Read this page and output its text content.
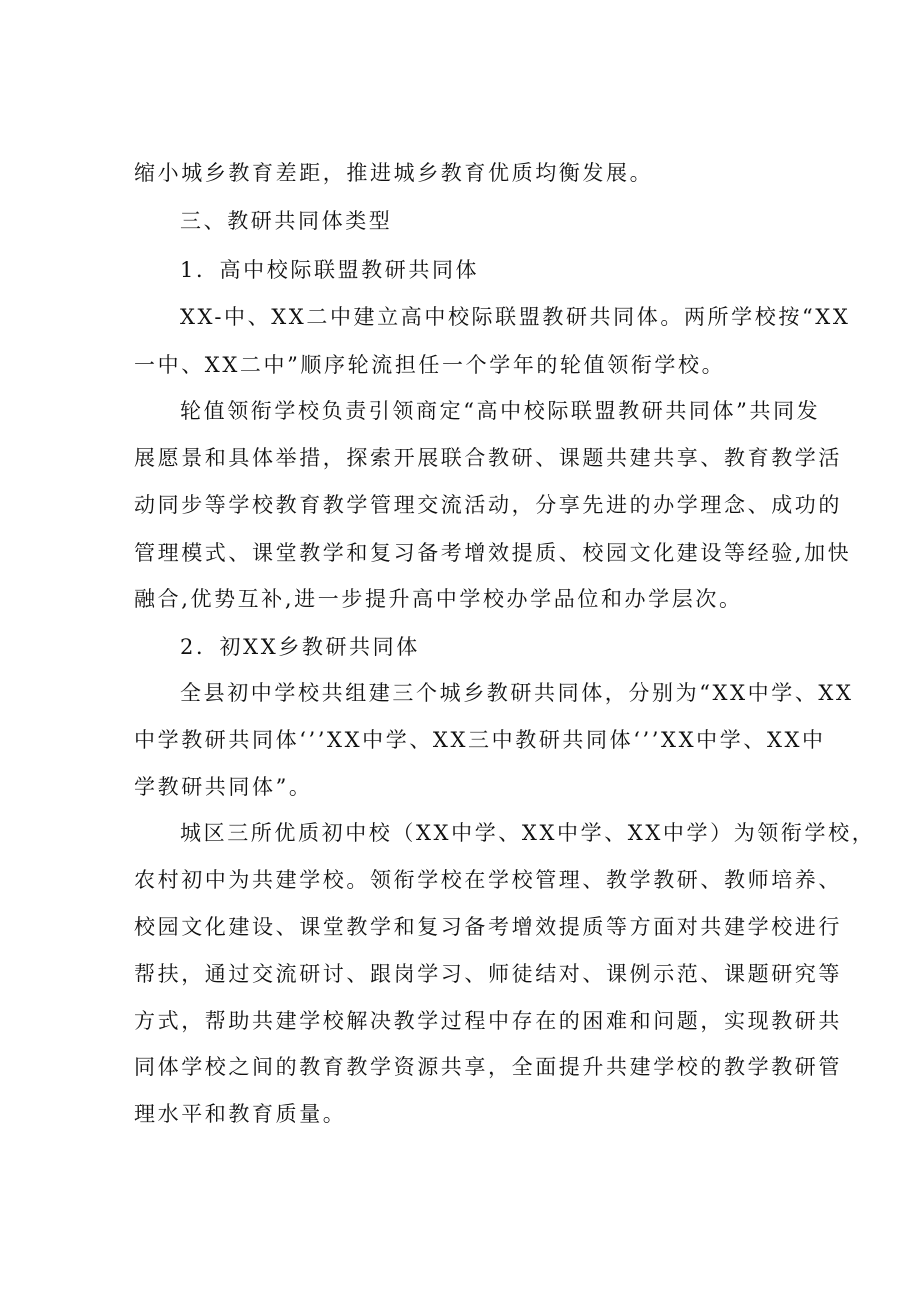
缩小城乡教育差距，推进城乡教育优质均衡发展。
三、教研共同体类型
1．高中校际联盟教研共同体
XX-中、XX二中建立高中校际联盟教研共同体。两所学校按“XX
一中、XX二中”顺序轮流担任一个学年的轮值领衔学校。
轮值领衔学校负责引领商定“高中校际联盟教研共同体”共同发
展愿景和具体举措，探索开展联合教研、课题共建共享、教育教学活
动同步等学校教育教学管理交流活动，分享先进的办学理念、成功的
管理模式、课堂教学和复习备考增效提质、校园文化建设等经验,加快
融合,优势互补,进一步提升高中学校办学品位和办学层次。
2．初XX乡教研共同体
全县初中学校共组建三个城乡教研共同体，分别为“XX中学、XX
中学教研共同体‘’’XX中学、XX三中教研共同体‘’’XX中学、XX中
学教研共同体”。
城区三所优质初中校（XX中学、XX中学、XX中学）为领衔学校，
农村初中为共建学校。领衔学校在学校管理、教学教研、教师培养、
校园文化建设、课堂教学和复习备考增效提质等方面对共建学校进行
帮扶，通过交流研讨、跟岗学习、师徒结对、课例示范、课题研究等
方式，帮助共建学校解决教学过程中存在的困难和问题，实现教研共
同体学校之间的教育教学资源共享，全面提升共建学校的教学教研管
理水平和教育质量。
